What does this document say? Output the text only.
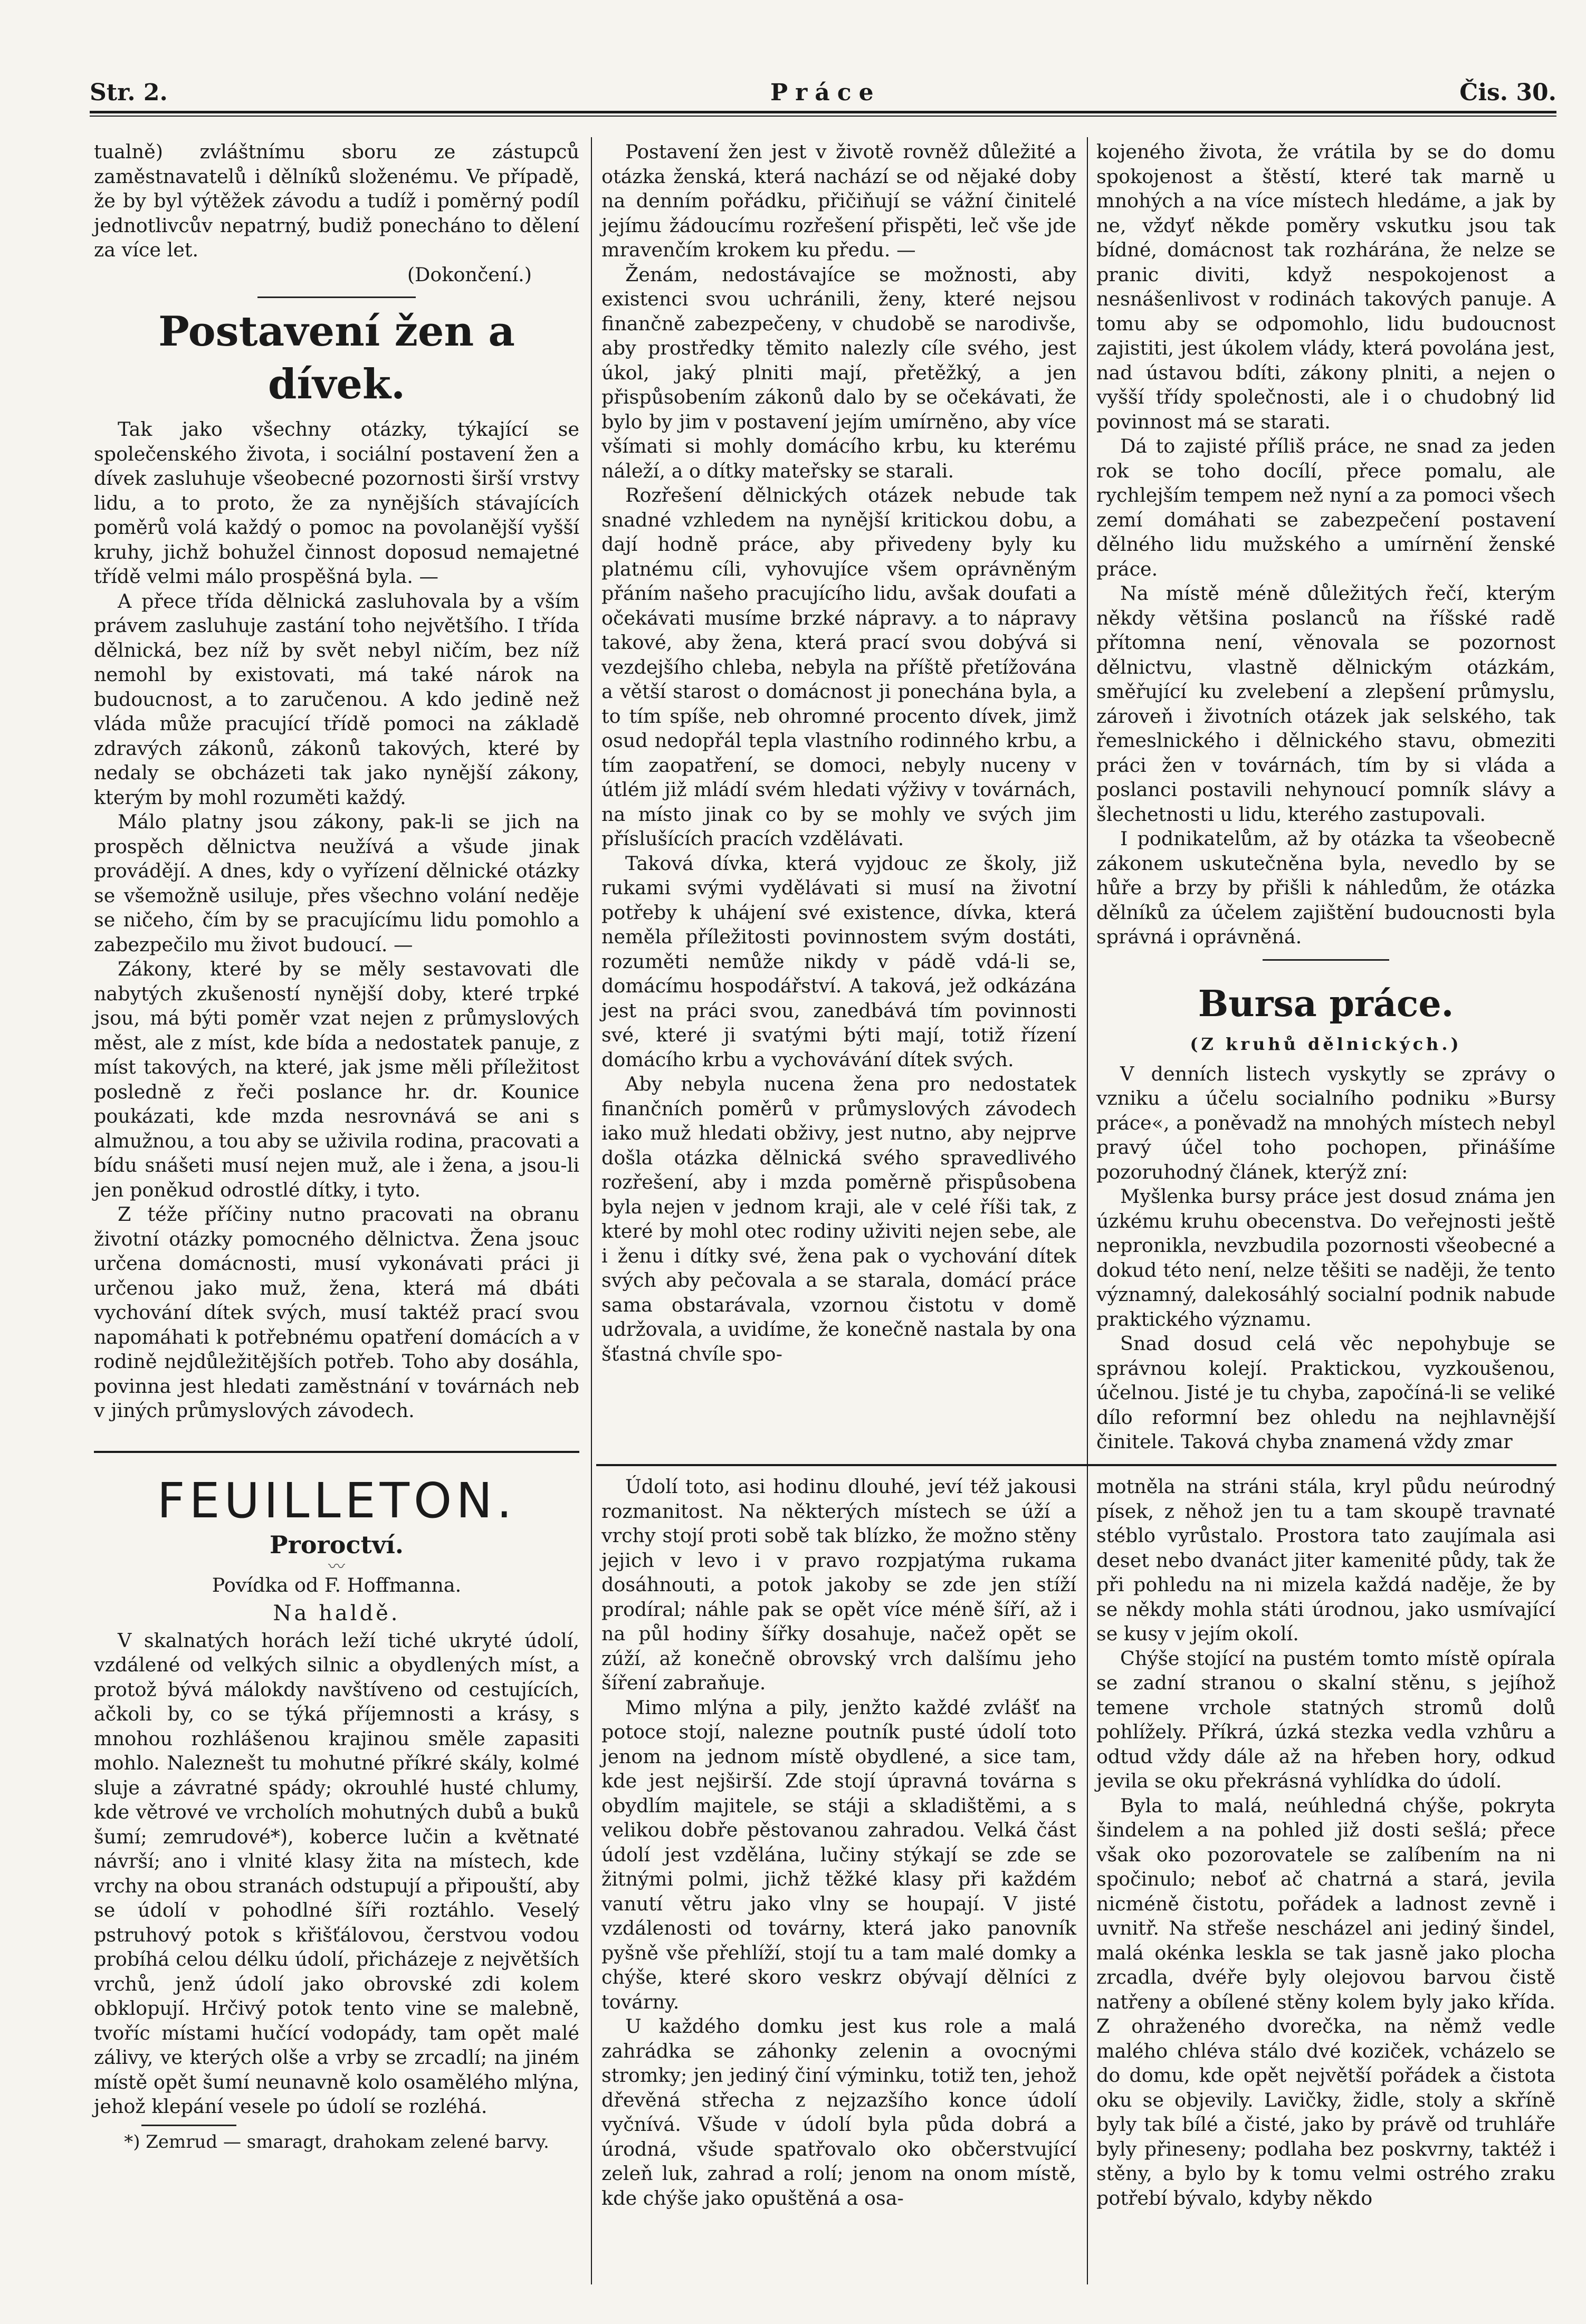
Str. 2.	Práce	Čis. 30.

tualně) zvláštnímu sboru ze zástupců zaměstnavatelů i dělníků složenému. Ve případě, že by byl výtěžek závodu a tudíž i poměrný podíl jednotlivcův nepatrný, budiž ponecháno to dělení za více let.

(Dokončení.)

Postavení žen a dívek.

Tak jako všechny otázky, týkající se společenského života, i sociální postavení žen a dívek zasluhuje všeobecné pozornosti širší vrstvy lidu, a to proto, že za nynějších stávajících poměrů volá každý o pomoc na povolanější vyšší kruhy, jichž bohužel činnost doposud nemajetné třídě velmi málo prospěšná byla. —

A přece třída dělnická zasluhovala by a vším právem zasluhuje zastání toho největšího. I třída dělnická, bez níž by svět nebyl ničím, bez níž nemohl by existovati, má také nárok na budoucnost, a to zaručenou. A kdo jedině než vláda může pracující třídě pomoci na základě zdravých zákonů, zákonů takových, které by nedaly se obcházeti tak jako nynější zákony, kterým by mohl rozuměti každý.

Málo platny jsou zákony, pak-li se jich na prospěch dělnictva neužívá a všude jinak provádějí. A dnes, kdy o vyřízení dělnické otázky se všemožně usiluje, přes všechno volání neděje se ničeho, čím by se pracujícímu lidu pomohlo a zabezpečilo mu život budoucí. —

Zákony, které by se měly sestavovati dle nabytých zkušeností nynější doby, které trpké jsou, má býti poměr vzat nejen z průmyslových měst, ale z míst, kde bída a nedostatek panuje, z míst takových, na které, jak jsme měli příležitost posledně z řeči poslance hr. dr. Kounice poukázati, kde mzda nesrovnává se ani s almužnou, a tou aby se uživila rodina, pracovati a bídu snášeti musí nejen muž, ale i žena, a jsou-li jen poněkud odrostlé dítky, i tyto.

Z téže příčiny nutno pracovati na obranu životní otázky pomocného dělnictva. Žena jsouc určena domácnosti, musí vykonávati práci ji určenou jako muž, žena, která má dbáti vychování dítek svých, musí taktéž prací svou napomáhati k potřebnému opatření domácích a v rodině nejdůležitějších potřeb. Toho aby dosáhla, povinna jest hledati zaměstnání v továrnách neb v jiných průmyslových závodech.

FEUILLETON.
Proroctví.
〰

Povídka od F. Hoffmanna.

Na haldě.

V skalnatých horách leží tiché ukryté údolí, vzdálené od velkých silnic a obydlených míst, a protož bývá málokdy navštíveno od cestujících, ačkoli by, co se týká příjemnosti a krásy, s mnohou rozhlášenou krajinou směle zapasiti mohlo. Naleznešt tu mohutné příkré skály, kolmé sluje a závratné spády; okrouhlé husté chlumy, kde větrové ve vrcholích mohutných dubů a buků šumí; zemrudové*), koberce lučin a květnaté návrší; ano i vlnité klasy žita na místech, kde vrchy na obou stranách odstupují a připouští, aby se údolí v pohodlné šíři roztáhlo. Veselý pstruhový potok s křišťálovou, čerstvou vodou probíhá celou délku údolí, přicházeje z největších vrchů, jenž údolí jako obrovské zdi kolem obklopují. Hrčivý potok tento vine se malebně, tvoříc místami hučící vodopády, tam opět malé zálivy, ve kterých olše a vrby se zrcadlí; na jiném místě opět šumí neunavně kolo osamělého mlýna, jehož klepání vesele po údolí se rozléhá.

*) Zemrud — smaragt, drahokam zelené barvy.

Postavení žen jest v životě rovněž důležité a otázka ženská, která nachází se od nějaké doby na denním pořádku, přičiňují se vážní činitelé jejímu žádoucímu rozřešení přispěti, leč vše jde mravenčím krokem ku předu. —

Ženám, nedostávajíce se možnosti, aby existenci svou uchránili, ženy, které nejsou finančně zabezpečeny, v chudobě se narodivše, aby prostředky těmito nalezly cíle svého, jest úkol, jaký plniti mají, přetěžký, a jen přispůsobením zákonů dalo by se očekávati, že bylo by jim v postavení jejím umírněno, aby více všímati si mohly domácího krbu, ku kterému náleží, a o dítky mateřsky se starali.

Rozřešení dělnických otázek nebude tak snadné vzhledem na nynější kritickou dobu, a dají hodně práce, aby přivedeny byly ku platnému cíli, vyhovujíce všem oprávněným přáním našeho pracujícího lidu, avšak doufati a očekávati musíme brzké nápravy. a to nápravy takové, aby žena, která prací svou dobývá si vezdejšího chleba, nebyla na příště přetížována a větší starost o domácnost ji ponechána byla, a to tím spíše, neb ohromné procento dívek, jimž osud nedopřál tepla vlastního rodinného krbu, a tím zaopatření, se domoci, nebyly nuceny v útlém již mládí svém hledati výživy v továrnách, na místo jinak co by se mohly ve svých jim příslušících pracích vzdělávati.

Taková dívka, která vyjdouc ze školy, již rukami svými vydělávati si musí na životní potřeby k uhájení své existence, dívka, která neměla příležitosti povinnostem svým dostáti, rozuměti nemůže nikdy v pádě vdá-li se, domácímu hospodářství. A taková, jež odkázána jest na práci svou, zanedbává tím povinnosti své, které ji svatými býti mají, totiž řízení domácího krbu a vychovávání dítek svých.

Aby nebyla nucena žena pro nedostatek finančních poměrů v průmyslových závodech iako muž hledati obživy, jest nutno, aby nejprve došla otázka dělnická svého spravedlivého rozřešení, aby i mzda poměrně přispůsobena byla nejen v jednom kraji, ale v celé říši tak, z které by mohl otec rodiny uživiti nejen sebe, ale i ženu i dítky své, žena pak o vychování dítek svých aby pečovala a se starala, domácí práce sama obstarávala, vzornou čistotu v domě udržovala, a uvidíme, že konečně nastala by ona šťastná chvíle spo-

Údolí toto, asi hodinu dlouhé, jeví též jakousi rozmanitost. Na některých místech se úží a vrchy stojí proti sobě tak blízko, že možno stěny jejich v levo i v pravo rozpjatýma rukama dosáhnouti, a potok jakoby se zde jen stíží prodíral; náhle pak se opět více méně šíří, až i na půl hodiny šířky dosahuje, načež opět se zúží, až konečně obrovský vrch dalšímu jeho šíření zabraňuje.

Mimo mlýna a pily, jenžto každé zvlášť na potoce stojí, nalezne poutník pusté údolí toto jenom na jednom místě obydlené, a sice tam, kde jest nejširší. Zde stojí úpravná továrna s obydlím majitele, se stáji a skladištěmi, a s velikou dobře pěstovanou zahradou. Velká část údolí jest vzdělána, lučiny stýkají se zde se žitnými polmi, jichž těžké klasy při každém vanutí větru jako vlny se houpají. V jisté vzdálenosti od továrny, která jako panovník pyšně vše přehlíží, stojí tu a tam malé domky a chýše, které skoro veskrz obývají dělníci z továrny.

U každého domku jest kus role a malá zahrádka se záhonky zelenin a ovocnými stromky; jen jediný činí výminku, totiž ten, jehož dřevěná střecha z nejzazšího konce údolí vyčnívá. Všude v údolí byla půda dobrá a úrodná, všude spatřovalo oko občerstvující zeleň luk, zahrad a rolí; jenom na onom místě, kde chýše jako opuštěná a osa-

kojeného života, že vrátila by se do domu spokojenost a štěstí, které tak marně u mnohých a na více místech hledáme, a jak by ne, vždyť někde poměry vskutku jsou tak bídné, domácnost tak rozhárána, že nelze se pranic diviti, když nespokojenost a nesnášenlivost v rodinách takových panuje. A tomu aby se odpomohlo, lidu budoucnost zajistiti, jest úkolem vlády, která povolána jest, nad ústavou bdíti, zákony plniti, a nejen o vyšší třídy společnosti, ale i o chudobný lid povinnost má se starati.

Dá to zajisté příliš práce, ne snad za jeden rok se toho docílí, přece pomalu, ale rychlejším tempem než nyní a za pomoci všech zemí domáhati se zabezpečení postavení dělného lidu mužského a umírnění ženské práce.

Na místě méně důležitých řečí, kterým někdy většina poslanců na říšské radě přítomna není, věnovala se pozornost dělnictvu, vlastně dělnickým otázkám, směřující ku zvelebení a zlepšení průmyslu, zároveň i životních otázek jak selského, tak řemeslnického i dělnického stavu, obmeziti práci žen v továrnách, tím by si vláda a poslanci postavili nehynoucí pomník slávy a šlechetnosti u lidu, kterého zastupovali.

I podnikatelům, až by otázka ta všeobecně zákonem uskutečněna byla, nevedlo by se hůře a brzy by přišli k náhledům, že otázka dělníků za účelem zajištění budoucnosti byla správná i oprávněná.

Bursa práce.
(Z kruhů dělnických.)

V denních listech vyskytly se zprávy o vzniku a účelu socialního podniku »Bursy práce«, a poněvadž na mnohých místech nebyl pravý účel toho pochopen, přinášíme pozoruhodný článek, kterýž zní:

Myšlenka bursy práce jest dosud známa jen úzkému kruhu obecenstva. Do veřejnosti ještě nepronikla, nevzbudila pozornosti všeobecné a dokud této není, nelze těšiti se naději, že tento významný, dalekosáhlý socialní podnik nabude praktického významu.

Snad dosud celá věc nepohybuje se správnou kolejí. Praktickou, vyzkoušenou, účelnou. Jisté je tu chyba, započíná-li se veliké dílo reformní bez ohledu na nejhlavnější činitele. Taková chyba znamená vždy zmar

motněla na stráni stála, kryl půdu neúrodný písek, z něhož jen tu a tam skoupě travnaté stéblo vyrůstalo. Prostora tato zaujímala asi deset nebo dvanáct jiter kamenité půdy, tak že při pohledu na ni mizela každá naděje, že by se někdy mohla státi úrodnou, jako usmívající se kusy v jejím okolí.

Chýše stojící na pustém tomto místě opírala se zadní stranou o skalní stěnu, s jejíhož temene vrchole statných stromů dolů pohlížely. Příkrá, úzká stezka vedla vzhůru a odtud vždy dále až na hřeben hory, odkud jevila se oku překrásná vyhlídka do údolí.

Byla to malá, neúhledná chýše, pokryta šindelem a na pohled již dosti sešlá; přece však oko pozorovatele se zalíbením na ni spočinulo; neboť ač chatrná a stará, jevila nicméně čistotu, pořádek a ladnost zevně i uvnitř. Na střeše nescházel ani jediný šindel, malá okénka leskla se tak jasně jako plocha zrcadla, dvéře byly olejovou barvou čistě natřeny a obílené stěny kolem byly jako křída. Z ohraženého dvorečka, na němž vedle malého chléva stálo dvé koziček, vcházelo se do domu, kde opět největší pořádek a čistota oku se objevily. Lavičky, židle, stoly a skříně byly tak bílé a čisté, jako by právě od truhláře byly přineseny; podlaha bez poskvrny, taktéž i stěny, a bylo by k tomu velmi ostrého zraku potřebí bývalo, kdyby někdo
